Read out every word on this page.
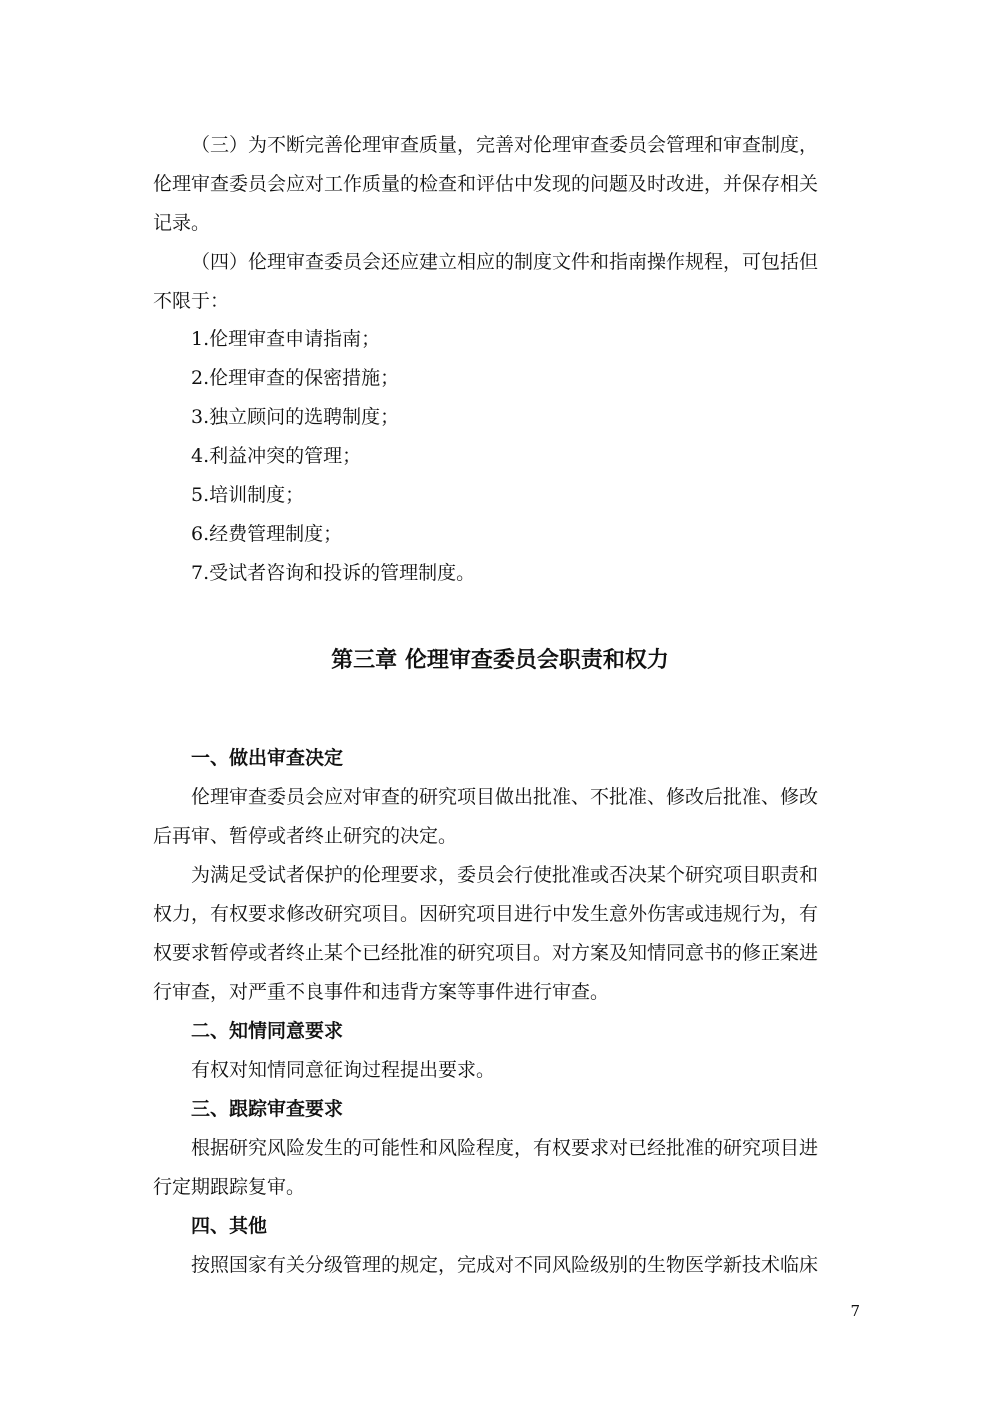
（三）为不断完善伦理审查质量，完善对伦理审查委员会管理和审查制度，

伦理审查委员会应对工作质量的检查和评估中发现的问题及时改进，并保存相关

记录。

（四）伦理审查委员会还应建立相应的制度文件和指南操作规程，可包括但

不限于：

1.伦理审查申请指南；

2.伦理审查的保密措施；

3.独立顾问的选聘制度；

4.利益冲突的管理；

5.培训制度；

6.经费管理制度；

7.受试者咨询和投诉的管理制度。

第三章 伦理审查委员会职责和权力

一、做出审查决定

伦理审查委员会应对审查的研究项目做出批准、不批准、修改后批准、修改

后再审、暂停或者终止研究的决定。

为满足受试者保护的伦理要求，委员会行使批准或否决某个研究项目职责和

权力，有权要求修改研究项目。因研究项目进行中发生意外伤害或违规行为，有

权要求暂停或者终止某个已经批准的研究项目。对方案及知情同意书的修正案进

行审查，对严重不良事件和违背方案等事件进行审查。

二、知情同意要求

有权对知情同意征询过程提出要求。

三、跟踪审查要求

根据研究风险发生的可能性和风险程度，有权要求对已经批准的研究项目进

行定期跟踪复审。

四、其他

按照国家有关分级管理的规定，完成对不同风险级别的生物医学新技术临床

7
